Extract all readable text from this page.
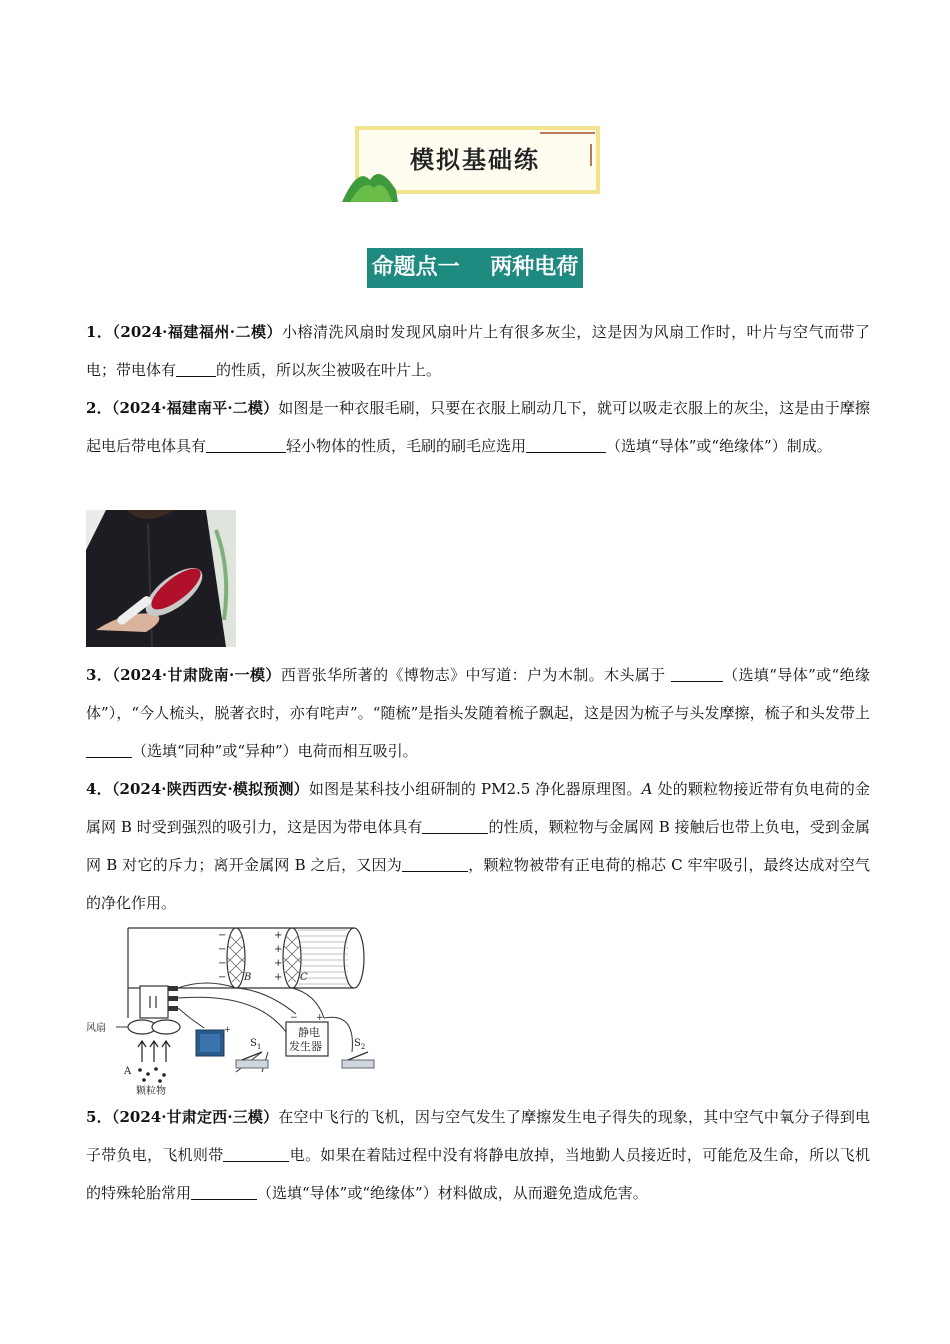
模拟基础练
命题点一    两种电荷
1．（2024·福建福州·二模）小榕清洗风扇时发现风扇叶片上有很多灰尘，这是因为风扇工作时，叶片与空气而带了电；带电体有	的性质，所以灰尘被吸在叶片上。
2．（2024·福建南平·二模）如图是一种衣服毛刷，只要在衣服上刷动几下，就可以吸走衣服上的灰尘，这是由于摩擦起电后带电体具有	轻小物体的性质，毛刷的刷毛应选用	（选填“导体”或“绝缘体”）制成。
3．（2024·甘肃陇南·一模）西晋张华所著的《博物志》中写道：户为木制。木头属于	（选填“导体”或“绝缘体”），“今人梳头，脱著衣时，亦有咤声”。“随梳”是指头发随着梳子飘起，这是因为梳子与头发摩擦，梳子和头发带上（选填“同种”或“异种”）电荷而相互吸引。
4．（2024·陕西西安·模拟预测）如图是某科技小组研制的 PM2.5 净化器原理图。A 处的颗粒物接近带有负电荷的金属网 B 时受到强烈的吸引力，这是因为带电体具有	的性质，颗粒物与金属网 B 接触后也带上负电，受到金属网 B 对它的斥力；离开金属网 B 之后，又因为	，颗粒物被带有正电荷的棉芯 C 牢牢吸引，最终达成对空气的净化作用。
−
−
−
−
+
+
+
+
B	C
风扇	+
$S_1$
静电
发生器
− +
$S_2$
A
颗粒物
5．（2024·甘肃定西·三模）在空中飞行的飞机，因与空气发生了摩擦发生电子得失的现象，其中空气中氧分子得到电子带负电，飞机则带	电。如果在着陆过程中没有将静电放掉，当地勤人员接近时，可能危及生命，所以飞机的特殊轮胎常用	（选填“导体”或“绝缘体”）材料做成，从而避免造成危害。
